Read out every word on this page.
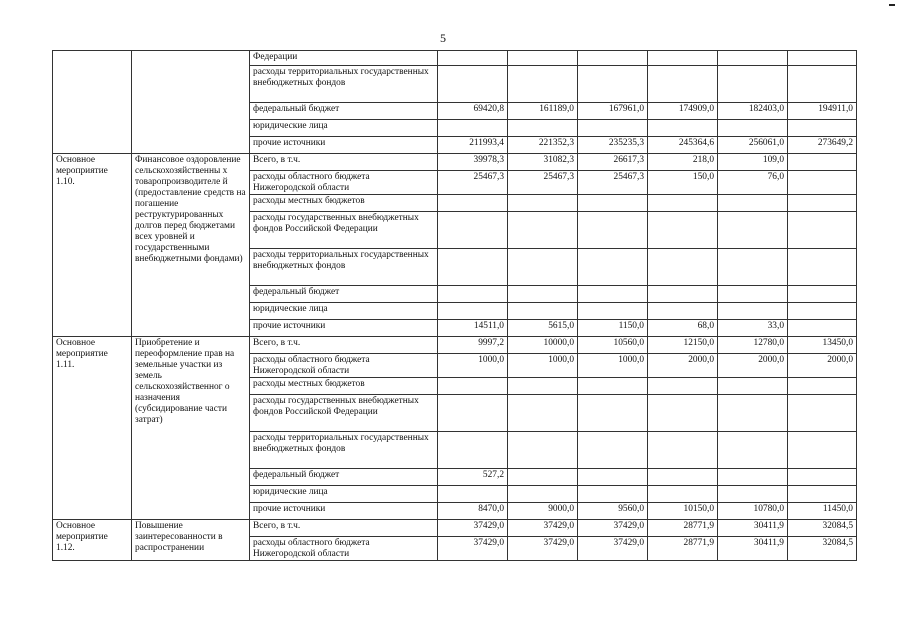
5
		Федерации						
		расходы территориальных государственных внебюджетных фондов						
		федеральный бюджет	69420,8	161189,0	167961,0	174909,0	182403,0	194911,0
		юридические лица						
		прочие источники	211993,4	221352,3	235235,3	245364,6	256061,0	273649,2
Основное мероприятие 1.10.	Финансовое оздоровление сельскохозяйственны х товаропроизводителе й (предоставление средств на погашение реструктурированных долгов перед бюджетами всех уровней и государственными внебюджетными фондами)	Всего, в т.ч.	39978,3	31082,3	26617,3	218,0	109,0	
		расходы областного бюджета Нижегородской области	25467,3	25467,3	25467,3	150,0	76,0	
		расходы местных бюджетов						
		расходы государственных внебюджетных фондов Российской Федерации						
		расходы территориальных государственных внебюджетных фондов						
		федеральный бюджет						
		юридические лица						
		прочие источники	14511,0	5615,0	1150,0	68,0	33,0	
Основное мероприятие 1.11.	Приобретение и переоформление прав на земельные участки из земель сельскохозяйственног о назначения (субсидирование части затрат)	Всего, в т.ч.	9997,2	10000,0	10560,0	12150,0	12780,0	13450,0
		расходы областного бюджета Нижегородской области	1000,0	1000,0	1000,0	2000,0	2000,0	2000,0
		расходы местных бюджетов						
		расходы государственных внебюджетных фондов Российской Федерации						
		расходы территориальных государственных внебюджетных фондов						
		федеральный бюджет	527,2					
		юридические лица						
		прочие источники	8470,0	9000,0	9560,0	10150,0	10780,0	11450,0
Основное мероприятие 1.12.	Повышение заинтересованности в распространении	Всего, в т.ч.	37429,0	37429,0	37429,0	28771,9	30411,9	32084,5
		расходы областного бюджета Нижегородской области	37429,0	37429,0	37429,0	28771,9	30411,9	32084,5
